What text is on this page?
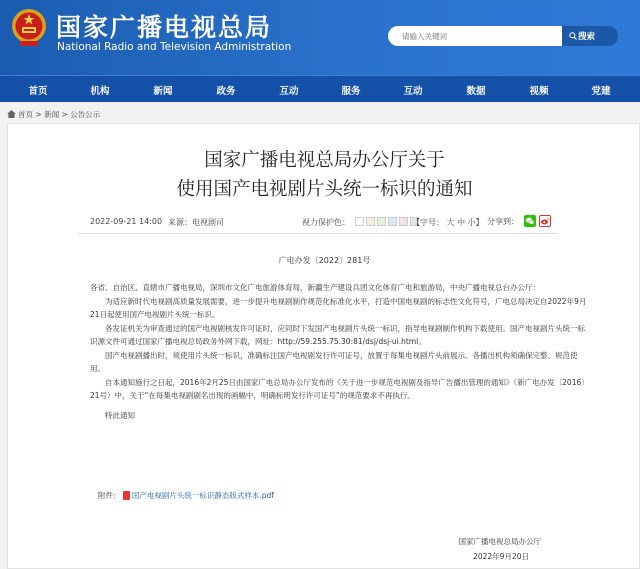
国家广播电视总局
National Radio and Television Administration
请输入关键词	搜索
首页	机构	新闻	政务	互动	服务	互动	数据	视频	党建
首页 > 新闻 > 公告公示
国家广播电视总局办公厅关于
使用国产电视剧片头统一标识的通知
2022-09-21 14:00 来源：电视剧司	视力保护色：	【字号： 大 中 小】 分享到：
广电办发〔2022〕281号

各省、自治区、直辖市广播电视局，深圳市文化广电旅游体育局，新疆生产建设兵团文化体育广电和旅游局，中央广播电视总台办公厅：

为适应新时代电视剧高质量发展需要，进一步提升电视剧制作规范化标准化水平，打造中国电视剧的标志性文化符号，广电总局决定自2022年9月21日起使用国产电视剧片头统一标识。

各发证机关为审查通过的国产电视剧核发许可证时，应同时下发国产电视剧片头统一标识，指导电视剧制作机构下载使用。国产电视剧片头统一标识源文件可通过国家广播电视总局政务外网下载，网址：http://59.255.75.30:81/dsj/dsj-ui.html。

国产电视剧播出时，须使用片头统一标识，准确标注国产电视剧发行许可证号，放置于每集电视剧片头前展示。各播出机构须确保完整、规范使用。

自本通知施行之日起，2016年2月25日由国家广电总局办公厅发布的《关于进一步规范电视剧及指导广告播出管理的通知》（新广电办发〔2016〕21号）中，关于“在每集电视剧剧名出现的画幅中，明确标明发行许可证号”的规范要求不再执行。

特此通知

附件： 国产电视剧片头统一标识静态版式样本.pdf
国家广播电视总局办公厅
2022年9月20日
